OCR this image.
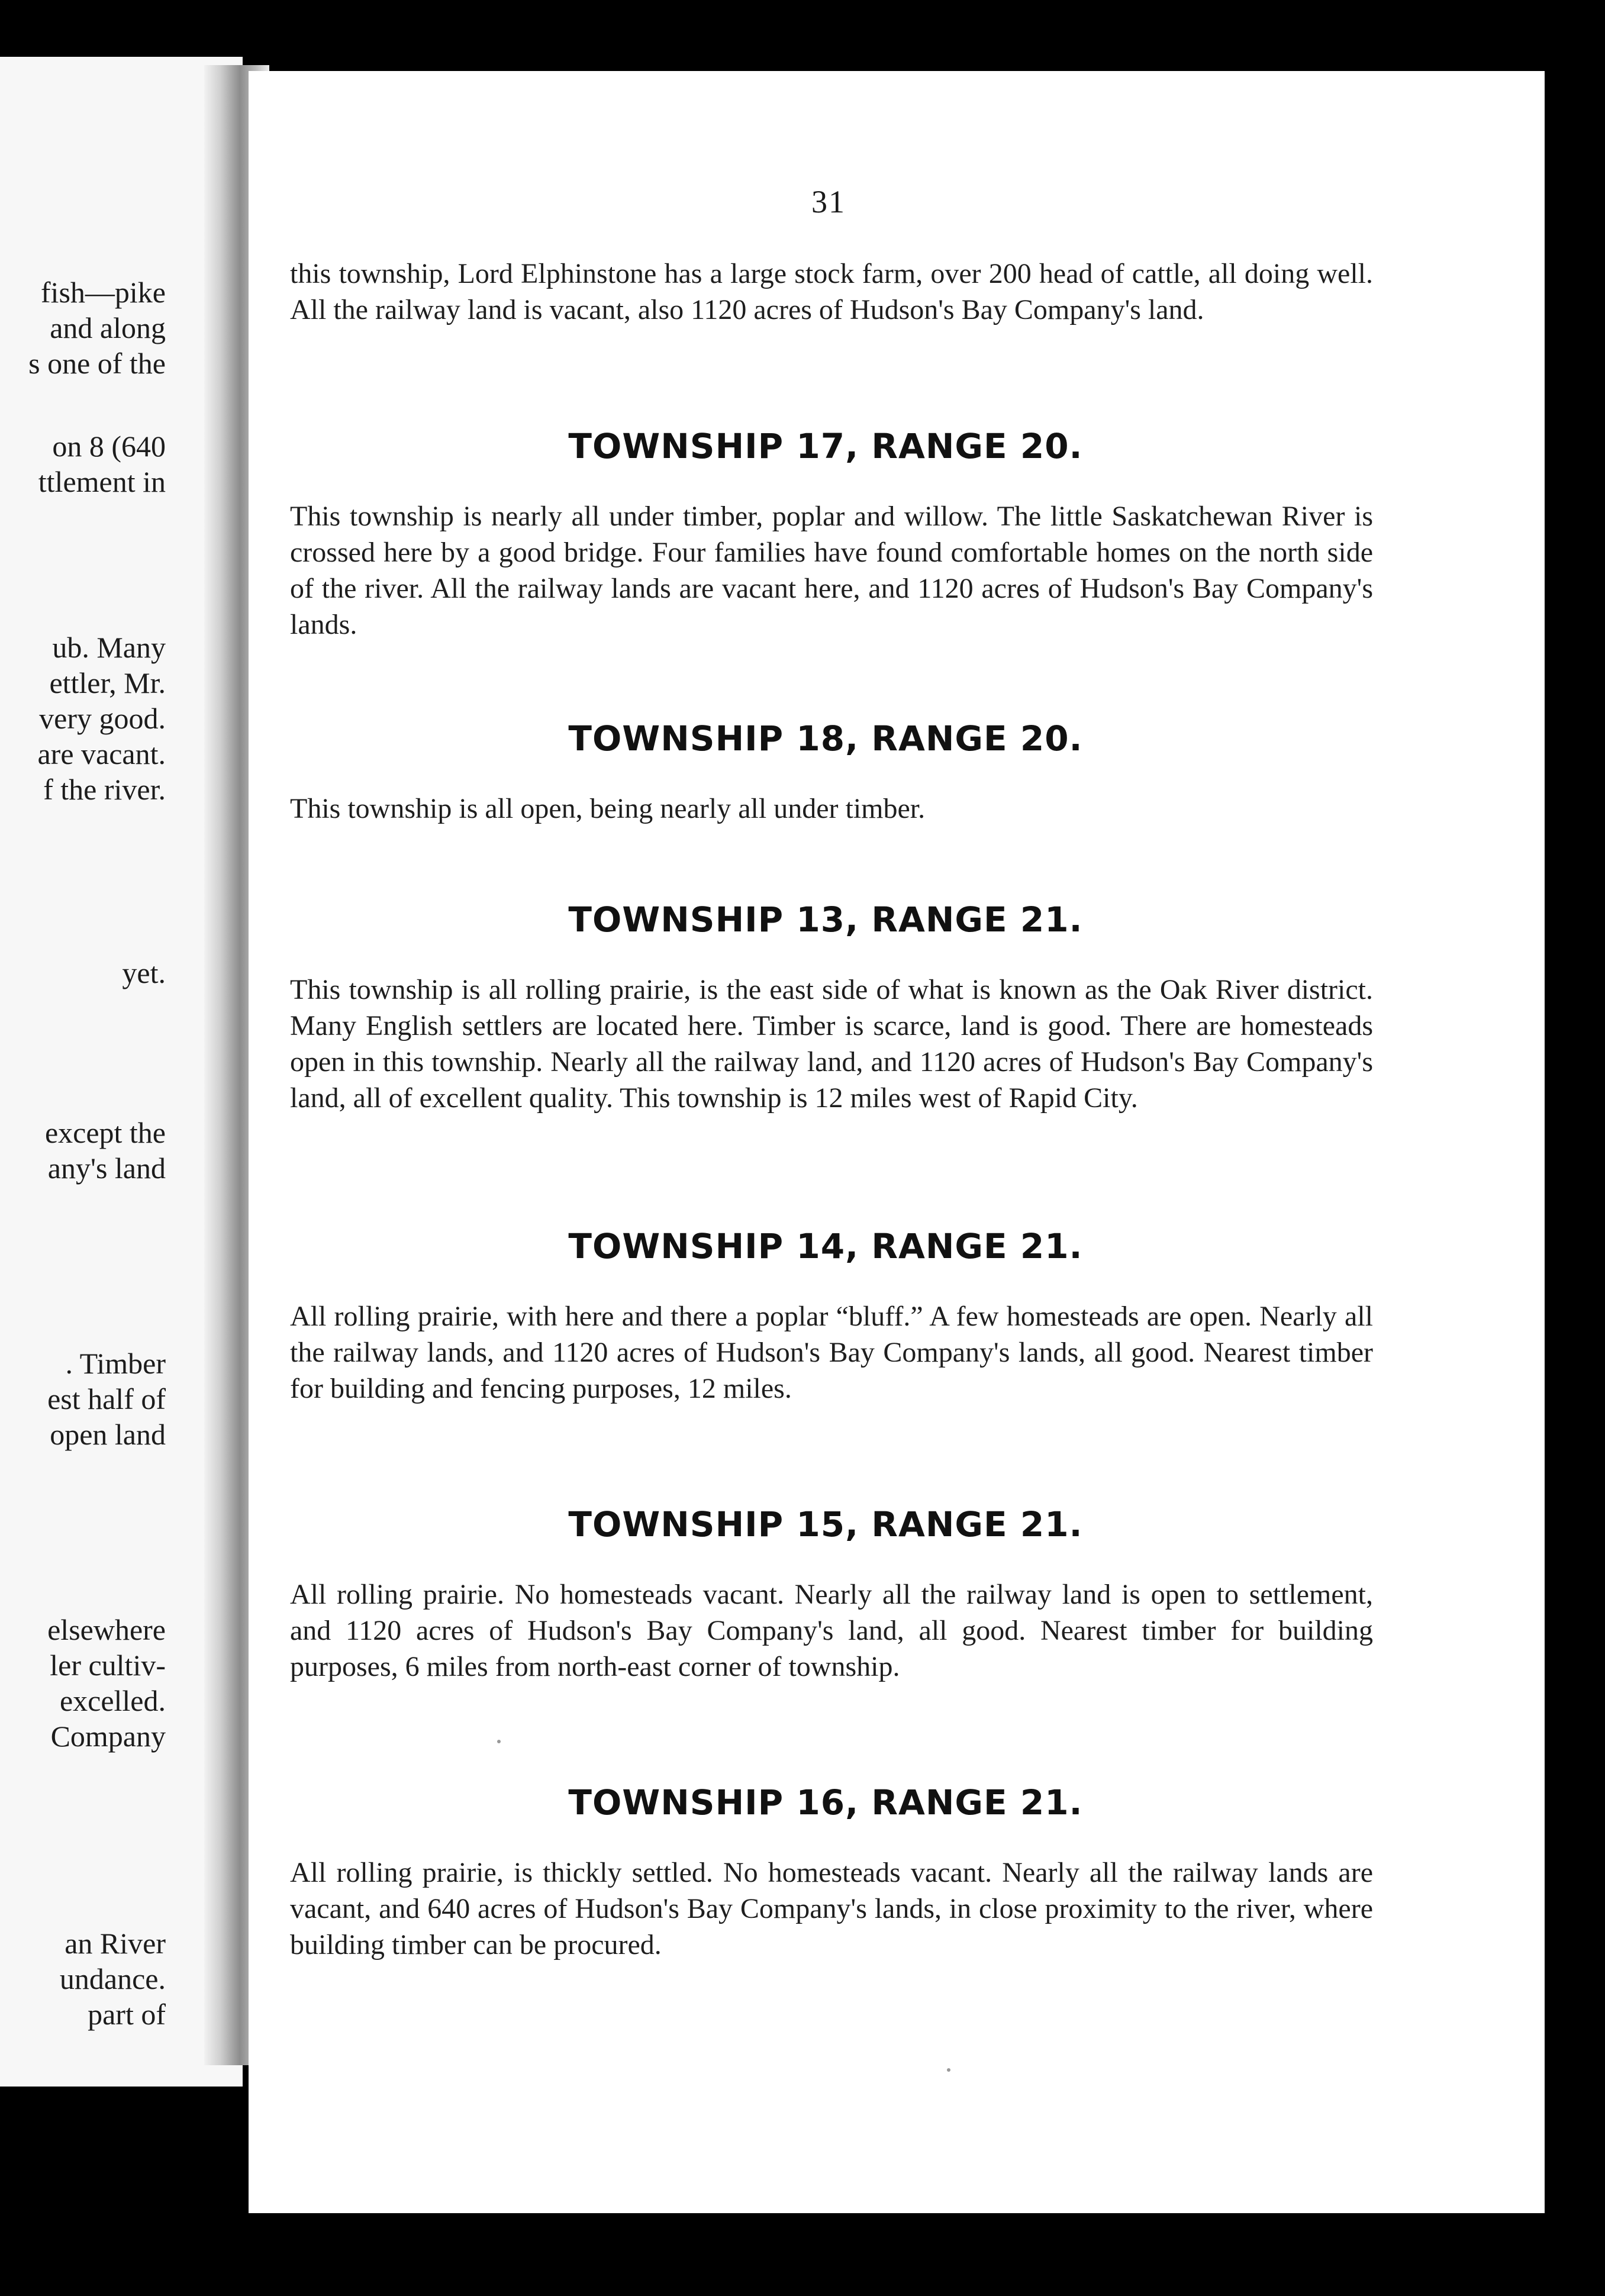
fish—pike
and along
s one of the
on 8 (640
ttlement in
ub. Many
ettler, Mr.
very good.
are vacant.
f the river.
yet.
except the
any's land
. Timber
est half of
open land
elsewhere
ler cultiv-
excelled.
Company
an River
undance.
part of
31
this township, Lord Elphinstone has a large stock farm, over 200 head of cattle, all doing well. All the railway land is vacant, also 1120 acres of Hudson's Bay Company's land.
TOWNSHIP 17, RANGE 20.
This township is nearly all under timber, poplar and willow. The little Saskatchewan River is crossed here by a good bridge. Four families have found comfortable homes on the north side of the river. All the railway lands are vacant here, and 1120 acres of Hudson's Bay Company's lands.
TOWNSHIP 18, RANGE 20.
This township is all open, being nearly all under timber.
TOWNSHIP 13, RANGE 21.
This township is all rolling prairie, is the east side of what is known as the Oak River district. Many English settlers are located here. Timber is scarce, land is good. There are homesteads open in this township. Nearly all the railway land, and 1120 acres of Hudson's Bay Company's land, all of excellent quality. This township is 12 miles west of Rapid City.
TOWNSHIP 14, RANGE 21.
All rolling prairie, with here and there a poplar “bluff.” A few homesteads are open. Nearly all the railway lands, and 1120 acres of Hudson's Bay Company's lands, all good. Nearest timber for building and fencing purposes, 12 miles.
TOWNSHIP 15, RANGE 21.
All rolling prairie. No homesteads vacant. Nearly all the railway land is open to settlement, and 1120 acres of Hudson's Bay Company's land, all good. Nearest timber for building purposes, 6 miles from north-east corner of township.
TOWNSHIP 16, RANGE 21.
All rolling prairie, is thickly settled. No homesteads vacant. Nearly all the railway lands are vacant, and 640 acres of Hudson's Bay Company's lands, in close proximity to the river, where building timber can be procured.
